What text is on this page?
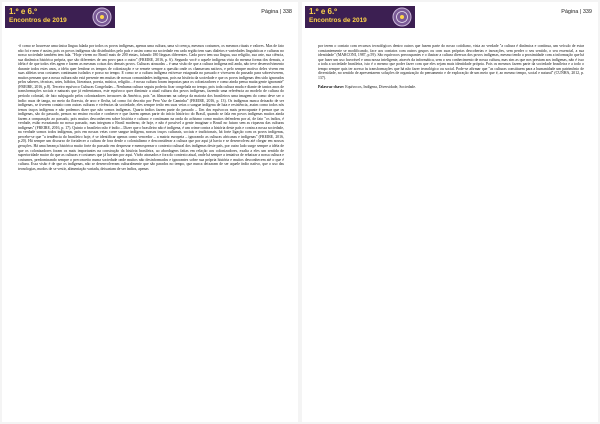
1.º e 6.º
Encontros de 2019
Página | 338

-ô como se houvesse uma única língua falada por todos os povos indígenas, apenas uma cultura, uma só crença, mesmos costumes, os mesmos rituais e valores. Mas de fato não foi e nem é assim, pois os povos indígenas são distribuídos pelo país e assim como na sociedade em cada região tem suas dialetos e variedades linguísticas e culturas no nosso sociedade também tem fala. "Hoje vivem no Brasil mais de 200 etnias, falando 180 línguas diferentes. Cada povo tem sua língua, sua religião, sua arte, sua ciência, sua dinâmica histórica própria, que são diferentes de um povo para o outro" (FREIRE, 2016, p. 6). Segundo você o aquele indígena vista do mesma forma dos demais, a idéia é de que todos eles agem e fazem as mesmas coisas dos demais povos. Culturas atrasadas – é uma visão de que a cultura indígena mil anda, não teve desenvolvimento durante todos estes anos, a idéia quer lembrar os tempos de colonização e se remete sempre a questão onde os chamavam nativos, e pelo sempre motivo deles vivem em suas aldeias seus costumes continuam isolados e posso no tempo. E como se a cultura indígena estivesse estagnada no passado e vivessem do passado para sobreviverem, muitos pensam que a nossa cultura não está presente em muitas de nossas comunidades indígenas, pois na história da sociedade e que os povos indígenas têm sido ignorados pelos saberes, técnicas, artes, hábitos, literatura, poesia, música, religião... é nossa cultura foram impostas para os colonizadores e como ainda pensa muita gente ignorante" (FREIRE, 2016, p.8). Terceiro equívoco Culturas Congeladas – Nenhuma cultura seguiu poderia ficar congelada no tempo, pois toda cultura muda e diante de tantos anos de transformações sociais e naturais que já enfrentamos, este equívoco quer diminuir a atual cultura dos povos indígenas, fazendo uma referência ao modelo de cultura do período colonial, de fato subjugado pelos colonizadores invasores da América, pois "as filmavam na cabeça da maioria dos brasileiros uma imagem do como deve ser o índio: nuas de tanga, no meio da floresta, de arco e flecha, tal como foi descrito por Pero Vaz de Caminha" (FREIRE, 2016, p. 13). Os indígenas nunca deixarão de ser indígenas, se tiverem contato com outras culturas e vivências da sociedade, eles sempre terão em suas veias o sangue indígena de luta e resistência, assim como todos nós temos traços indígenas e não podemos dizer que não somos indígenas. Quarto índios fazem parte do passado – Um dos equívocos mais preocupante é pensar que os indígenas, são do passado, pensos no ensino escolar e conhecer e que fazem apenas parte do início histórico do Brasil, quando se fala em povos indígenas muitos ainda fazem a comparação ao passado, pois muitos desconhecem sobre história e cultura: e continuam na onda do achismo como muitos defendem por aí, de fato "os índios, é verdade, estão esvaziando no nosso passado, mas integram o Brasil moderno, de hoje, e não é possível a gente imaginar o Brasil no futuro sem as riquezas das culturas indígenas" (FREIRE, 2016, p. 17). Quinto o brasileiro não é índio – Dizer que o brasileiro não é indígena, é um crime contra a história deste país e contra a nossa sociedade, na verdade somos todos indígenas, pois em nossas veias corre sangue indígena, nossos traços culturais, sociais e tradicionais, há forte ligação com os povos indígenas, percebe-se que "a tendência do brasileiro hoje, é se identificar apenas como vencedor – a matriz europeia – ignorando as culturas africanas e indígenas" (FREIRE, 2016, p.20). Há sempre um discurso de fortalecer a cultura de fora desde o colonialismo e desconsiderar a cultura que por aqui já havia e se desenvolveu até chegar em nossos gerações. Há uma herança histórica muito forte do passado em desprezar e menosprezar o contexto cultural dos indígenas deste país, por outro lado surge sempre a idéia de que os colonizadores foram os mais importantes na construção da história brasileira, ao abordagens fatias em relação aos colonizadores, exalta a eles um sentido de superioridade maior do que as culturas e costumes que já haviam por aqui. Vivão atrasados e fora do contexto atual, onde há sempre a tentativa de rebaixar a nossa cultura e costumes, predominando sempre o preconceito numa sociedade onde muitos não desinformados e ignorantes sobre sua própria história e muitos desconhecem até o que é cultura. Essa visão é de que os indígenas, não se desenvolveram culturalmente que são parados no tempo, que nunca deixaram de ser aquele índio nativo, que o uso das tecnologias, modos de se vestir, alimentação variada, deixariam de ser índios, apenas

1.º e 6.º
Encontros de 2019
Página | 339

por terem o contato com recursos tecnológicos dentro outros que fazem parte do nosso cotidiano, vista ao verdade "a cultura é dinâmica e contínua, um veículo de estar constantemente se modificando, face aos contatos com outros grupos ou com suas próprias descobertas e inovações, sem perder o seu sentido, o seu essencial, a sua identidade" (MARCONI, 1987, p.59). São equívocos preocupantes e o ilustrar a cultura diversas dos povos indígenas, mesmo tendo a proximidade com a informação que há que fazer um uso favorável e uma nossa inteligente, através da informática, sem o seu conhecimento de nossa cultura, mas sim as que nos prestam aos indígenas, não é isso a toda a sociedade brasileira, isto é o mesmo que poder fazer com que eles sejam mais identidade própria. Pois os mesmos fazem parte da sociedade brasileira e a todo o tempo sempre quis ter acesso às transformações que há não fazer tecnológico ou social. Pode-se afirmar que "as culturas constituem para a humanidade um patrimônio de diversidade, no sentido de apresentarem soluções de organização do pensamento e de exploração de um meio que é, ao mesmo tempo, social e natural" (CUNHA, 2012, p. 137).

Palavras-chave: Equívocos, Indígena, Diversidade, Sociedade.
